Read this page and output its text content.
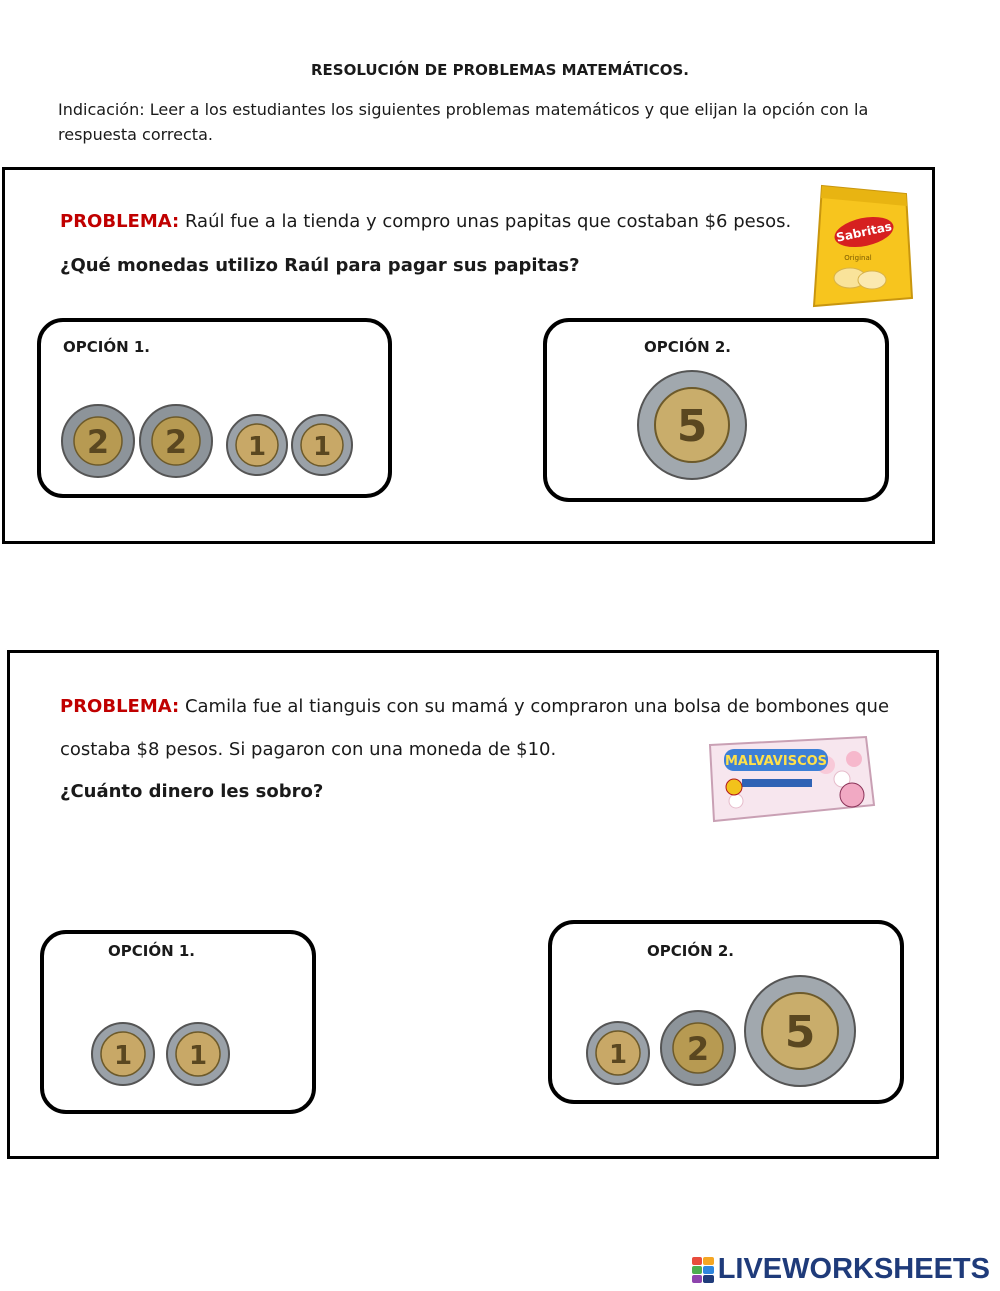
RESOLUCIÓN DE PROBLEMAS MATEMÁTICOS.
Indicación: Leer a los estudiantes los siguientes problemas matemáticos y que elijan la opción con la respuesta correcta.
PROBLEMA: Raúl fue a la tienda y compro unas papitas que costaban $6 pesos.
¿Qué monedas utilizo Raúl para pagar sus papitas?
Sabritas
Original
OPCIÓN 1.	OPCIÓN 2.
2 2 1 1	5
PROBLEMA: Camila fue al tianguis con su mamá y compraron una bolsa de bombones que
costaba $8 pesos. Si pagaron con una moneda de $10.
¿Cuánto dinero les sobro?
MALVAVISCOS
OPCIÓN 1.	OPCIÓN 2.
1 1	1 2 5
LIVEWORKSHEETS
